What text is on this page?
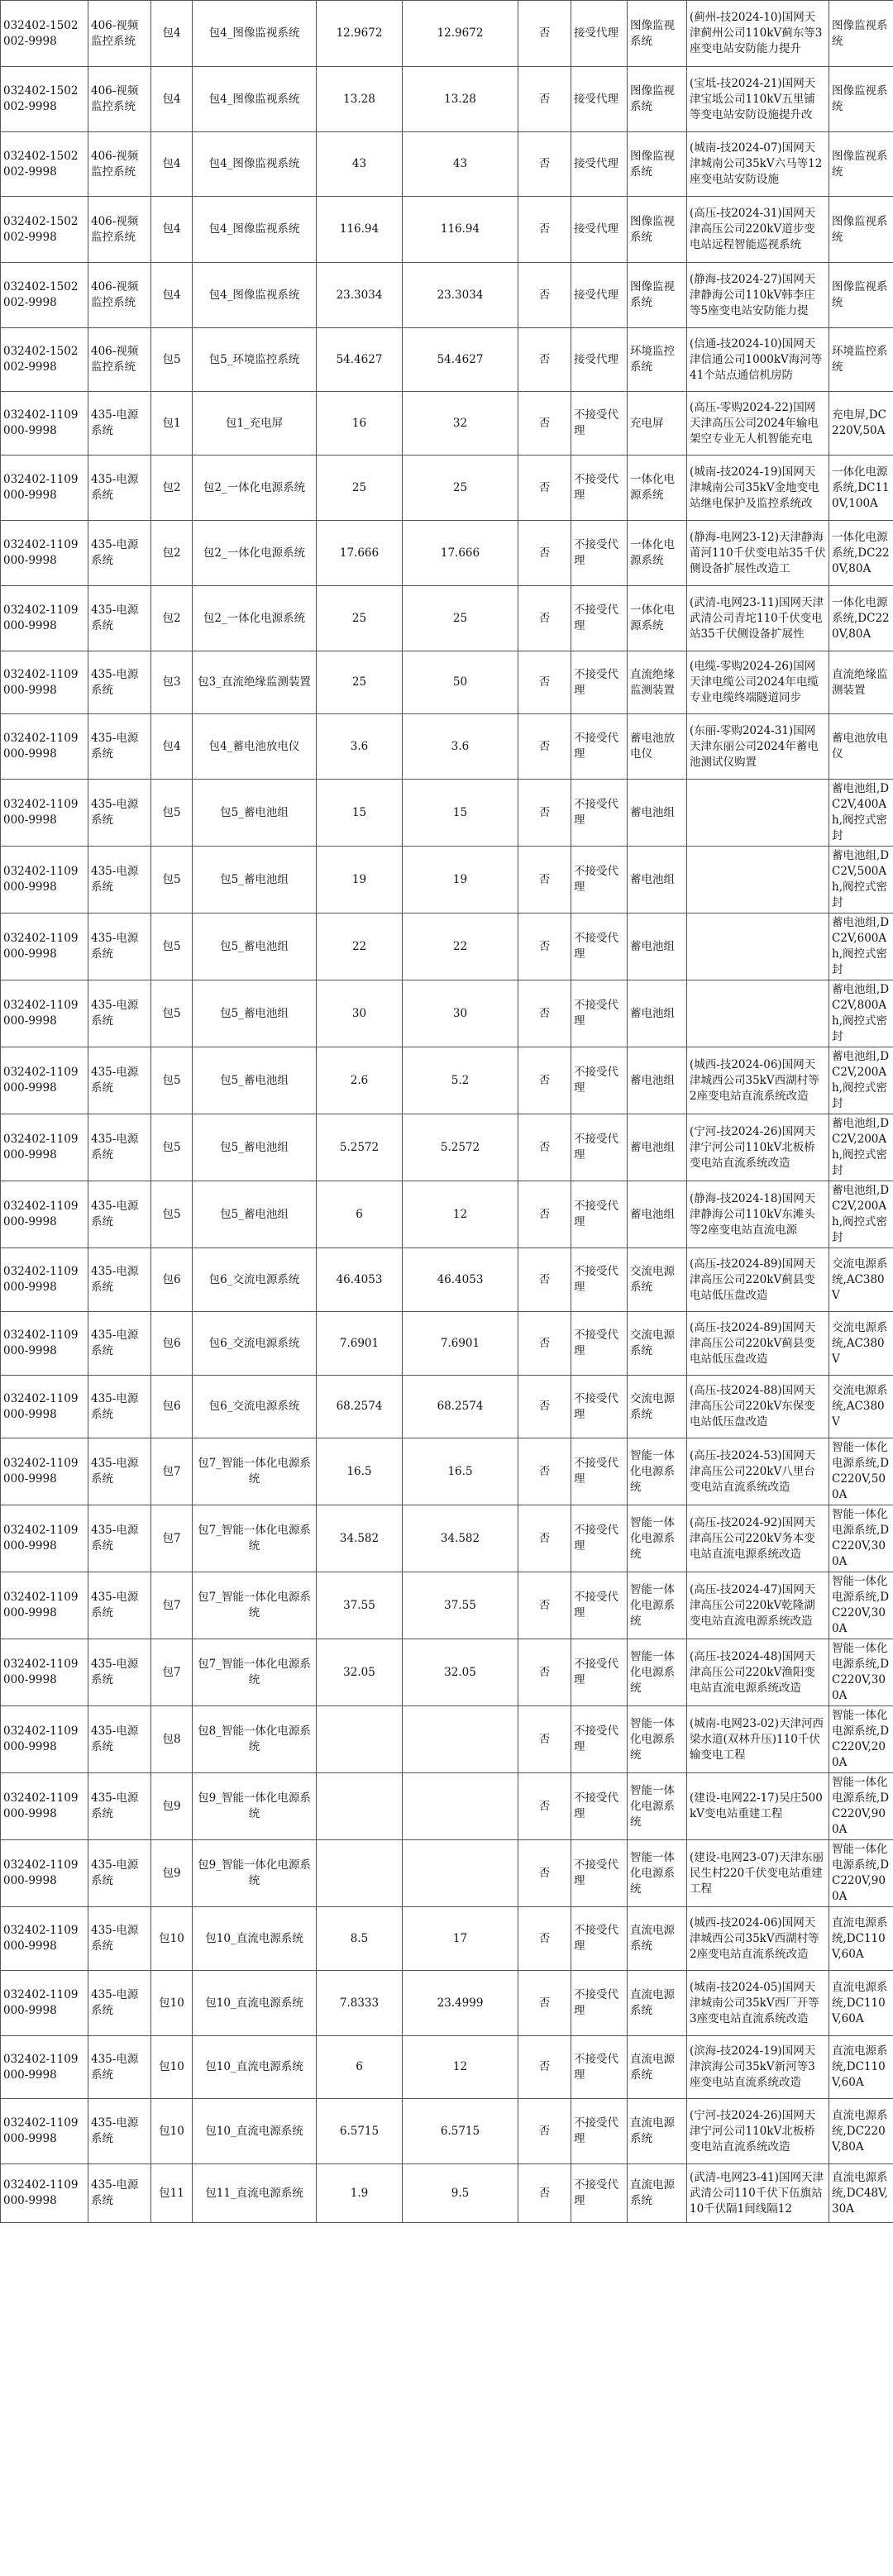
032402-1502002-9998	406-视频监控系统	包4	包4_图像监视系统	12.9672	12.9672	否	接受代理	图像监视系统	(蓟州-技2024-10)国网天津蓟州公司110kV蓟东等3座变电站安防能力提升	图像监视系统
032402-1502002-9998	406-视频监控系统	包4	包4_图像监视系统	13.28	13.28	否	接受代理	图像监视系统	(宝坻-技2024-21)国网天津宝坻公司110kV五里铺等变电站安防设施提升改	图像监视系统
032402-1502002-9998	406-视频监控系统	包4	包4_图像监视系统	43	43	否	接受代理	图像监视系统	(城南-技2024-07)国网天津城南公司35kV六马等12座变电站安防设施	图像监视系统
032402-1502002-9998	406-视频监控系统	包4	包4_图像监视系统	116.94	116.94	否	接受代理	图像监视系统	(高压-技2024-31)国网天津高压公司220kV道步变电站远程智能巡视系统	图像监视系统
032402-1502002-9998	406-视频监控系统	包4	包4_图像监视系统	23.3034	23.3034	否	接受代理	图像监视系统	(静海-技2024-27)国网天津静海公司110kV韩李庄等5座变电站安防能力提	图像监视系统
032402-1502002-9998	406-视频监控系统	包5	包5_环境监控系统	54.4627	54.4627	否	接受代理	环境监控系统	(信通-技2024-10)国网天津信通公司1000kV海河等41个站点通信机房防	环境监控系统
032402-1109000-9998	435-电源系统	包1	包1_充电屏	16	32	否	不接受代理	充电屏	(高压-零购2024-22)国网天津高压公司2024年输电架空专业无人机智能充电	充电屏,DC220V,50A
032402-1109000-9998	435-电源系统	包2	包2_一体化电源系统	25	25	否	不接受代理	一体化电源系统	(城南-技2024-19)国网天津城南公司35kV金地变电站继电保护及监控系统改	一体化电源系统,DC110V,100A
032402-1109000-9998	435-电源系统	包2	包2_一体化电源系统	17.666	17.666	否	不接受代理	一体化电源系统	(静海-电网23-12)天津静海莆河110千伏变电站35千伏侧设备扩展性改造工	一体化电源系统,DC220V,80A
032402-1109000-9998	435-电源系统	包2	包2_一体化电源系统	25	25	否	不接受代理	一体化电源系统	(武清-电网23-11)国网天津武清公司青坨110千伏变电站35千伏侧设备扩展性	一体化电源系统,DC220V,80A
032402-1109000-9998	435-电源系统	包3	包3_直流绝缘监测装置	25	50	否	不接受代理	直流绝缘监测装置	(电缆-零购2024-26)国网天津电缆公司2024年电缆专业电缆终端隧道同步	直流绝缘监测装置
032402-1109000-9998	435-电源系统	包4	包4_蓄电池放电仪	3.6	3.6	否	不接受代理	蓄电池放电仪	(东丽-零购2024-31)国网天津东丽公司2024年蓄电池测试仪购置	蓄电池放电仪
032402-1109000-9998	435-电源系统	包5	包5_蓄电池组	15	15	否	不接受代理	蓄电池组		蓄电池组,DC2V,400Ah,阀控式密封
032402-1109000-9998	435-电源系统	包5	包5_蓄电池组	19	19	否	不接受代理	蓄电池组		蓄电池组,DC2V,500Ah,阀控式密封
032402-1109000-9998	435-电源系统	包5	包5_蓄电池组	22	22	否	不接受代理	蓄电池组		蓄电池组,DC2V,600Ah,阀控式密封
032402-1109000-9998	435-电源系统	包5	包5_蓄电池组	30	30	否	不接受代理	蓄电池组		蓄电池组,DC2V,800Ah,阀控式密封
032402-1109000-9998	435-电源系统	包5	包5_蓄电池组	2.6	5.2	否	不接受代理	蓄电池组	(城西-技2024-06)国网天津城西公司35kV西湖村等2座变电站直流系统改造	蓄电池组,DC2V,200Ah,阀控式密封
032402-1109000-9998	435-电源系统	包5	包5_蓄电池组	5.2572	5.2572	否	不接受代理	蓄电池组	(宁河-技2024-26)国网天津宁河公司110kV北板桥变电站直流系统改造	蓄电池组,DC2V,200Ah,阀控式密封
032402-1109000-9998	435-电源系统	包5	包5_蓄电池组	6	12	否	不接受代理	蓄电池组	(静海-技2024-18)国网天津静海公司110kV东滩头等2座变电站直流电源	蓄电池组,DC2V,200Ah,阀控式密封
032402-1109000-9998	435-电源系统	包6	包6_交流电源系统	46.4053	46.4053	否	不接受代理	交流电源系统	(高压-技2024-89)国网天津高压公司220kV蓟县变电站低压盘改造	交流电源系统,AC380V
032402-1109000-9998	435-电源系统	包6	包6_交流电源系统	7.6901	7.6901	否	不接受代理	交流电源系统	(高压-技2024-89)国网天津高压公司220kV蓟县变电站低压盘改造	交流电源系统,AC380V
032402-1109000-9998	435-电源系统	包6	包6_交流电源系统	68.2574	68.2574	否	不接受代理	交流电源系统	(高压-技2024-88)国网天津高压公司220kV东保变电站低压盘改造	交流电源系统,AC380V
032402-1109000-9998	435-电源系统	包7	包7_智能一体化电源系统	16.5	16.5	否	不接受代理	智能一体化电源系统	(高压-技2024-53)国网天津高压公司220kV八里台变电站直流系统改造	智能一体化电源系统,DC220V,500A
032402-1109000-9998	435-电源系统	包7	包7_智能一体化电源系统	34.582	34.582	否	不接受代理	智能一体化电源系统	(高压-技2024-92)国网天津高压公司220kV务本变电站直流电源系统改造	智能一体化电源系统,DC220V,300A
032402-1109000-9998	435-电源系统	包7	包7_智能一体化电源系统	37.55	37.55	否	不接受代理	智能一体化电源系统	(高压-技2024-47)国网天津高压公司220kV乾隆湖变电站直流电源系统改造	智能一体化电源系统,DC220V,300A
032402-1109000-9998	435-电源系统	包7	包7_智能一体化电源系统	32.05	32.05	否	不接受代理	智能一体化电源系统	(高压-技2024-48)国网天津高压公司220kV渔阳变电站直流电源系统改造	智能一体化电源系统,DC220V,300A
032402-1109000-9998	435-电源系统	包8	包8_智能一体化电源系统			否	不接受代理	智能一体化电源系统	(城南-电网23-02)天津河西梁水道(双林升压)110千伏输变电工程	智能一体化电源系统,DC220V,200A
032402-1109000-9998	435-电源系统	包9	包9_智能一体化电源系统			否	不接受代理	智能一体化电源系统	(建设-电网22-17)吴庄500kV变电站重建工程	智能一体化电源系统,DC220V,900A
032402-1109000-9998	435-电源系统	包9	包9_智能一体化电源系统			否	不接受代理	智能一体化电源系统	(建设-电网23-07)天津东丽民生村220千伏变电站重建工程	智能一体化电源系统,DC220V,900A
032402-1109000-9998	435-电源系统	包10	包10_直流电源系统	8.5	17	否	不接受代理	直流电源系统	(城西-技2024-06)国网天津城西公司35kV西湖村等2座变电站直流系统改造	直流电源系统,DC110V,60A
032402-1109000-9998	435-电源系统	包10	包10_直流电源系统	7.8333	23.4999	否	不接受代理	直流电源系统	(城南-技2024-05)国网天津城南公司35kV西厂开等3座变电站直流系统改造	直流电源系统,DC110V,60A
032402-1109000-9998	435-电源系统	包10	包10_直流电源系统	6	12	否	不接受代理	直流电源系统	(滨海-技2024-19)国网天津滨海公司35kV新河等3座变电站直流系统改造	直流电源系统,DC110V,60A
032402-1109000-9998	435-电源系统	包10	包10_直流电源系统	6.5715	6.5715	否	不接受代理	直流电源系统	(宁河-技2024-26)国网天津宁河公司110kV北板桥变电站直流系统改造	直流电源系统,DC220V,80A
032402-1109000-9998	435-电源系统	包11	包11_直流电源系统	1.9	9.5	否	不接受代理	直流电源系统	(武清-电网23-41)国网天津武清公司110千伏下伍旗站10千伏隔1间线隔12	直流电源系统,DC48V,30A
